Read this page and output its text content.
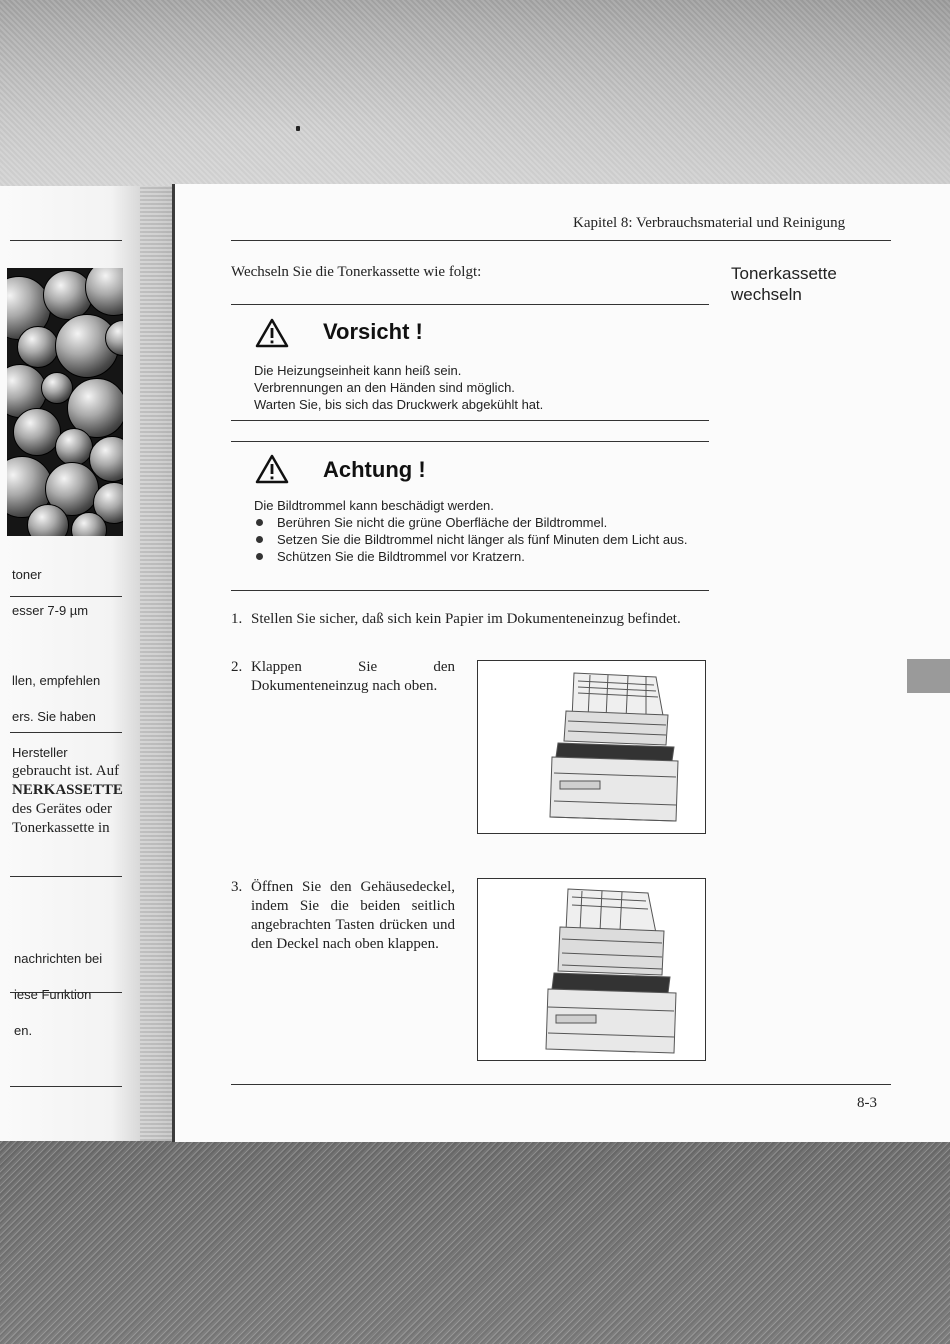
toner

esser 7-9 µm

llen, empfehlen

ers. Sie haben

Hersteller

gebraucht ist. Auf
NERKASSETTE
des Gerätes oder
Tonerkassette in

nachrichten bei

iese Funktion

en.

Kapitel 8: Verbrauchsmaterial und Reinigung
Wechseln Sie die Tonerkassette wie folgt:	Tonerkassette
wechseln
Vorsicht !
Die Heizungseinheit kann heiß sein.
Verbrennungen an den Händen sind möglich.
Warten Sie, bis sich das Druckwerk abgekühlt hat.
Achtung !
Die Bildtrommel kann beschädigt werden.
Berühren Sie nicht die grüne Oberfläche der Bildtrommel.
Setzen Sie die Bildtrommel nicht länger als fünf Minuten dem Licht aus.
Schützen Sie die Bildtrommel vor Kratzern.
1. Stellen Sie sicher, daß sich kein Papier im Dokumenteneinzug befindet.
2. Klappen Sie den Dokumenteneinzug nach oben.
3. Öffnen Sie den Gehäusedeckel, indem Sie die beiden seitlich angebrachten Tasten drücken und den Deckel nach oben klappen.
8-3
